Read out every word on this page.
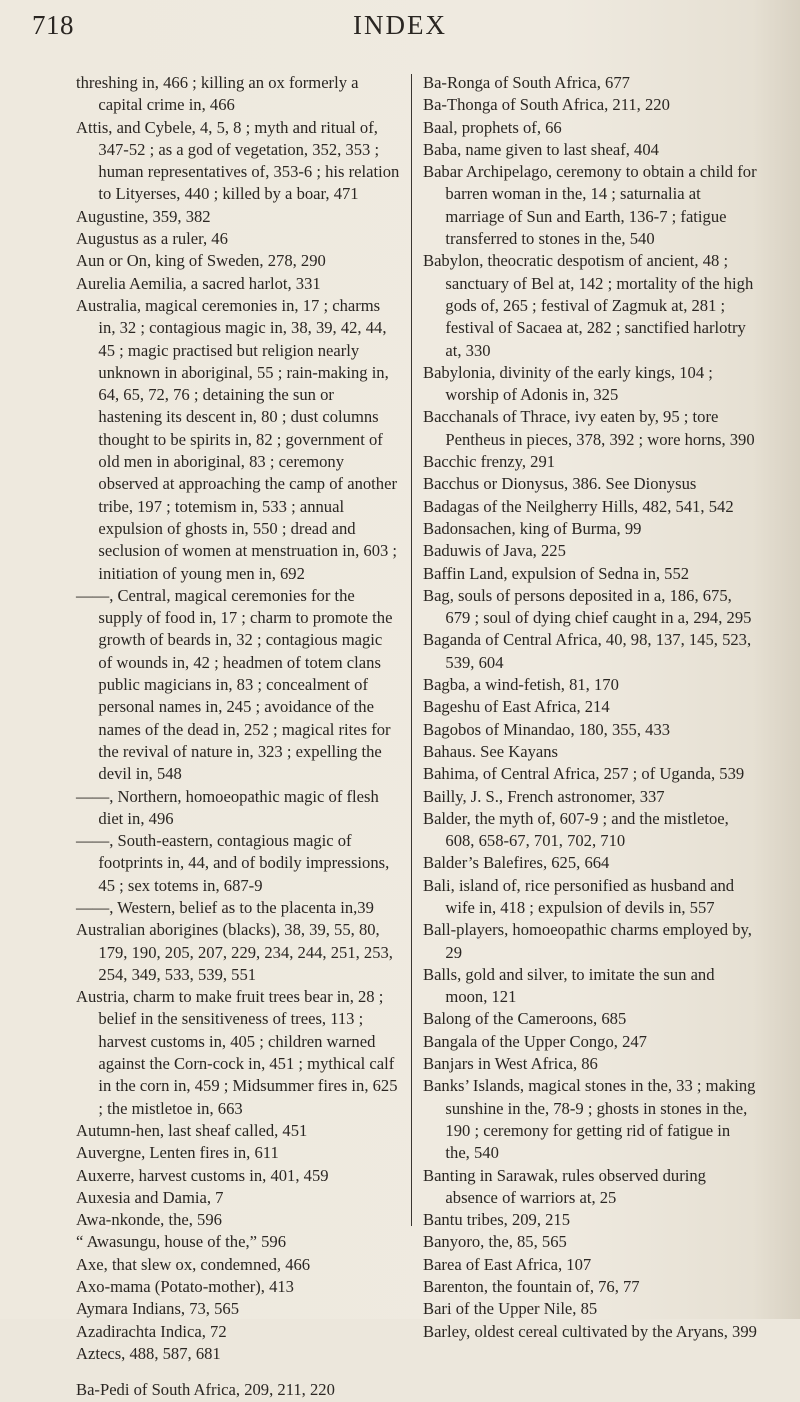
718	INDEX

threshing in, 466 ; killing an ox formerly a capital crime in, 466

Attis, and Cybele, 4, 5, 8 ; myth and ritual of, 347-52 ; as a god of vegetation, 352, 353 ; human representatives of, 353-6 ; his relation to Lityerses, 440 ; killed by a boar, 471

Augustine, 359, 382

Augustus as a ruler, 46

Aun or On, king of Sweden, 278, 290

Aurelia Aemilia, a sacred harlot, 331

Australia, magical ceremonies in, 17 ; charms in, 32 ; contagious magic in, 38, 39, 42, 44, 45 ; magic practised but religion nearly unknown in aboriginal, 55 ; rain-making in, 64, 65, 72, 76 ; detaining the sun or hastening its descent in, 80 ; dust columns thought to be spirits in, 82 ; government of old men in aboriginal, 83 ; ceremony observed at approaching the camp of another tribe, 197 ; totemism in, 533 ; annual expulsion of ghosts in, 550 ; dread and seclusion of women at menstruation in, 603 ; initiation of young men in, 692

——, Central, magical ceremonies for the supply of food in, 17 ; charm to promote the growth of beards in, 32 ; contagious magic of wounds in, 42 ; headmen of totem clans public magicians in, 83 ; concealment of personal names in, 245 ; avoidance of the names of the dead in, 252 ; magical rites for the revival of nature in, 323 ; expelling the devil in, 548

——, Northern, homoeopathic magic of flesh diet in, 496

——, South-eastern, contagious magic of footprints in, 44, and of bodily impressions, 45 ; sex totems in, 687-9

——, Western, belief as to the placenta in,39

Australian aborigines (blacks), 38, 39, 55, 80, 179, 190, 205, 207, 229, 234, 244, 251, 253, 254, 349, 533, 539, 551

Austria, charm to make fruit trees bear in, 28 ; belief in the sensitiveness of trees, 113 ; harvest customs in, 405 ; children warned against the Corn-cock in, 451 ; mythical calf in the corn in, 459 ; Midsummer fires in, 625 ; the mistletoe in, 663

Autumn-hen, last sheaf called, 451

Auvergne, Lenten fires in, 611

Auxerre, harvest customs in, 401, 459

Auxesia and Damia, 7

Awa-nkonde, the, 596

“ Awasungu, house of the,” 596

Axe, that slew ox, condemned, 466

Axo-mama (Potato-mother), 413

Aymara Indians, 73, 565

Azadirachta Indica, 72

Aztecs, 488, 587, 681

Ba-Pedi of South Africa, 209, 211, 220

Ba-Ronga of South Africa, 677

Ba-Thonga of South Africa, 211, 220

Baal, prophets of, 66

Baba, name given to last sheaf, 404

Babar Archipelago, ceremony to obtain a child for barren woman in the, 14 ; saturnalia at marriage of Sun and Earth, 136-7 ; fatigue transferred to stones in the, 540

Babylon, theocratic despotism of ancient, 48 ; sanctuary of Bel at, 142 ; mortality of the high gods of, 265 ; festival of Zagmuk at, 281 ; festival of Sacaea at, 282 ; sanctified harlotry at, 330

Babylonia, divinity of the early kings, 104 ; worship of Adonis in, 325

Bacchanals of Thrace, ivy eaten by, 95 ; tore Pentheus in pieces, 378, 392 ; wore horns, 390

Bacchic frenzy, 291

Bacchus or Dionysus, 386. See Dionysus

Badagas of the Neilgherry Hills, 482, 541, 542

Badonsachen, king of Burma, 99

Baduwis of Java, 225

Baffin Land, expulsion of Sedna in, 552

Bag, souls of persons deposited in a, 186, 675, 679 ; soul of dying chief caught in a, 294, 295

Baganda of Central Africa, 40, 98, 137, 145, 523, 539, 604

Bagba, a wind-fetish, 81, 170

Bageshu of East Africa, 214

Bagobos of Minandao, 180, 355, 433

Bahaus. See Kayans

Bahima, of Central Africa, 257 ; of Uganda, 539

Bailly, J. S., French astronomer, 337

Balder, the myth of, 607-9 ; and the mistletoe, 608, 658-67, 701, 702, 710

Balder’s Balefires, 625, 664

Bali, island of, rice personified as husband and wife in, 418 ; expulsion of devils in, 557

Ball-players, homoeopathic charms employed by, 29

Balls, gold and silver, to imitate the sun and moon, 121

Balong of the Cameroons, 685

Bangala of the Upper Congo, 247

Banjars in West Africa, 86

Banks’ Islands, magical stones in the, 33 ; making sunshine in the, 78-9 ; ghosts in stones in the, 190 ; ceremony for getting rid of fatigue in the, 540

Banting in Sarawak, rules observed during absence of warriors at, 25

Bantu tribes, 209, 215

Banyoro, the, 85, 565

Barea of East Africa, 107

Barenton, the fountain of, 76, 77

Bari of the Upper Nile, 85

Barley, oldest cereal cultivated by the Aryans, 399
